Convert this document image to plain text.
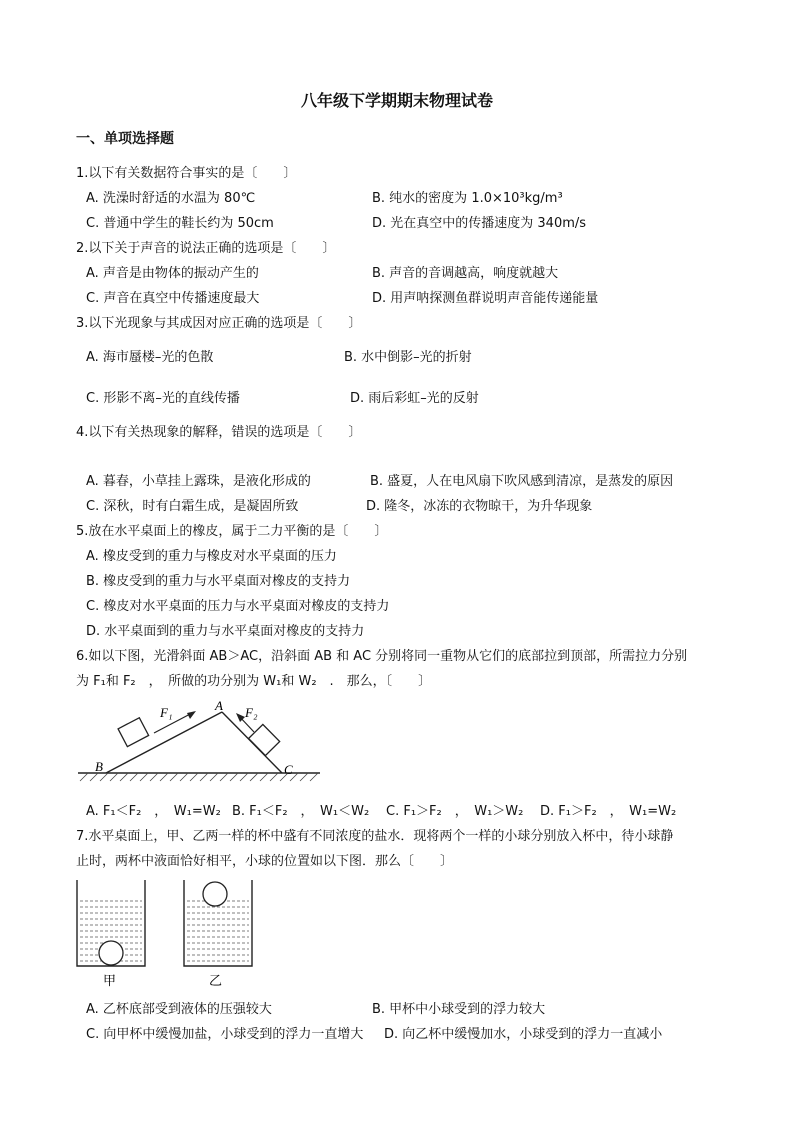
八年级下学期期末物理试卷
一、单项选择题
1.以下有关数据符合事实的是〔　　〕
A. 洗澡时舒适的水温为 80℃	B. 纯水的密度为 1.0×10³kg/m³
C. 普通中学生的鞋长约为 50cm	D. 光在真空中的传播速度为 340m/s
2.以下关于声音的说法正确的选项是〔　　〕
A. 声音是由物体的振动产生的	B. 声音的音调越高，响度就越大
C. 声音在真空中传播速度最大	D. 用声呐探测鱼群说明声音能传递能量
3.以下光现象与其成因对应正确的选项是〔　　〕
A. 海市蜃楼–光的色散	B. 水中倒影–光的折射
C. 形影不离–光的直线传播	D. 雨后彩虹–光的反射
4.以下有关热现象的解释，错误的选项是〔　　〕
A. 暮春，小草挂上露珠，是液化形成的	B. 盛夏，人在电风扇下吹风感到清凉，是蒸发的原因
C. 深秋，时有白霜生成，是凝固所致	D. 隆冬，冰冻的衣物晾干，为升华现象
5.放在水平桌面上的橡皮，属于二力平衡的是〔　　〕
A. 橡皮受到的重力与橡皮对水平桌面的压力
B. 橡皮受到的重力与水平桌面对橡皮的支持力
C. 橡皮对水平桌面的压力与水平桌面对橡皮的支持力
D. 水平桌面到的重力与水平桌面对橡皮的支持力
6.如以下图，光滑斜面 AB＞AC，沿斜面 AB 和 AC 分别将同一重物从它们的底部拉到顶部，所需拉力分别
为 F₁和 F₂　，　所做的功分别为 W₁和 W₂　.　那么，〔　　〕
F₁	F₂
A
B	C
A. F₁＜F₂　，　W₁=W₂ B. F₁＜F₂　，　W₁＜W₂ C. F₁＞F₂　，　W₁＞W₂ D. F₁＞F₂　，　W₁=W₂
7.水平桌面上，甲、乙两一样的杯中盛有不同浓度的盐水．现将两个一样的小球分别放入杯中，待小球静
止时，两杯中液面恰好相平，小球的位置如以下图．那么〔　　〕
甲	乙
A. 乙杯底部受到液体的压强较大	B. 甲杯中小球受到的浮力较大
C. 向甲杯中缓慢加盐，小球受到的浮力一直增大 D. 向乙杯中缓慢加水，小球受到的浮力一直减小
